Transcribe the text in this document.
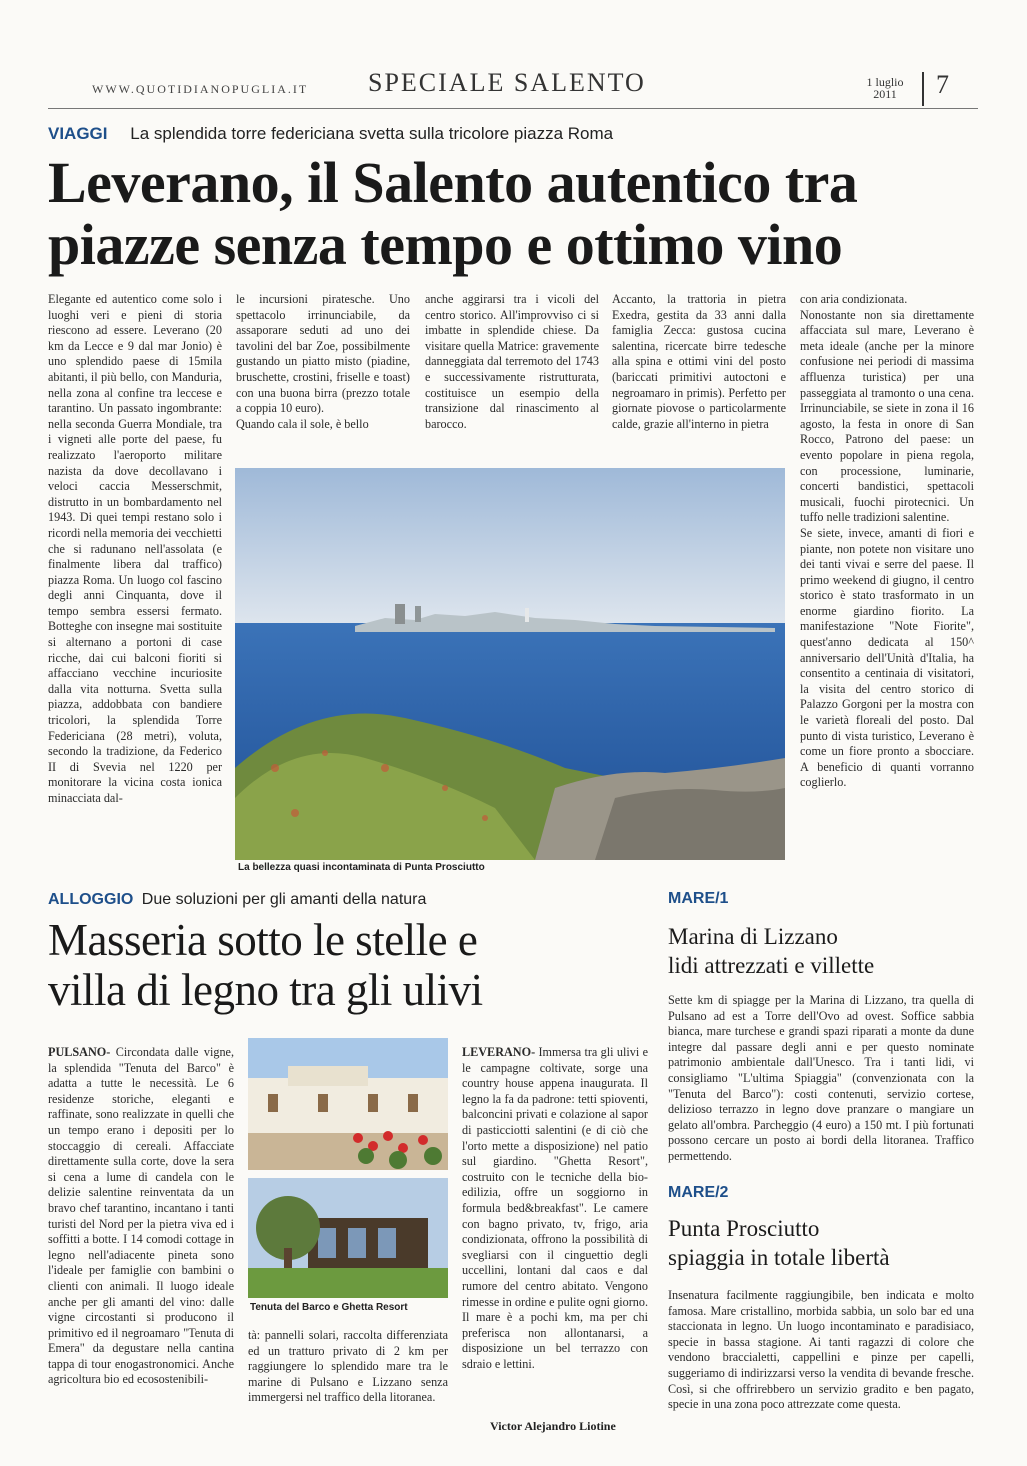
WWW.QUOTIDIANOPUGLIA.IT SPECIALE SALENTO	1 luglio
2011	7
VIAGGI La splendida torre federiciana svetta sulla tricolore piazza Roma
Leverano, il Salento autentico tra
piazze senza tempo e ottimo vino
Elegante ed autentico come solo i luoghi veri e pieni di storia riescono ad essere. Leverano (20 km da Lecce e 9 dal mar Jonio) è uno splendido paese di 15mila abitanti, il più bello, con Manduria, nella zona al confine tra leccese e tarantino. Un passato ingombrante: nella seconda Guerra Mondiale, tra i vigneti alle porte del paese, fu realizzato l'aeroporto militare nazista da dove decollavano i veloci caccia Messerschmit, distrutto in un bombardamento nel 1943. Di quei tempi restano solo i ricordi nella memoria dei vecchietti che si radunano nell'assolata (e finalmente libera dal traffico) piazza Roma. Un luogo col fascino degli anni Cinquanta, dove il tempo sembra essersi fermato. Botteghe con insegne mai sostituite si alternano a portoni di case ricche, dai cui balconi fioriti si affacciano vecchine incuriosite dalla vita notturna. Svetta sulla piazza, addobbata con bandiere tricolori, la splendida Torre Federiciana (28 metri), voluta, secondo la tradizione, da Federico II di Svevia nel 1220 per monitorare la vicina costa ionica minacciata dal-
le incursioni piratesche. Uno spettacolo irrinunciabile, da assaporare seduti ad uno dei tavolini del bar Zoe, possibilmente gustando un piatto misto (piadine, bruschette, crostini, friselle e toast) con una buona birra (prezzo totale a coppia 10 euro).
Quando cala il sole, è bello
anche aggirarsi tra i vicoli del centro storico. All'improvviso ci si imbatte in splendide chiese. Da visitare quella Matrice: gravemente danneggiata dal terremoto del 1743 e successivamente ristrutturata, costituisce un esempio della transizione dal rinascimento al barocco.
Accanto, la trattoria in pietra Exedra, gestita da 33 anni dalla famiglia Zecca: gustosa cucina salentina, ricercate birre tedesche alla spina e ottimi vini del posto (bariccati primitivi autoctoni e negroamaro in primis). Perfetto per giornate piovose o particolarmente calde, grazie all'interno in pietra
con aria condizionata.
Nonostante non sia direttamente affacciata sul mare, Leverano è meta ideale (anche per la minore confusione nei periodi di massima affluenza turistica) per una passeggiata al tramonto o una cena. Irrinunciabile, se siete in zona il 16 agosto, la festa in onore di San Rocco, Patrono del paese: un evento popolare in piena regola, con processione, luminarie, concerti bandistici, spettacoli musicali, fuochi pirotecnici. Un tuffo nelle tradizioni salentine.
Se siete, invece, amanti di fiori e piante, non potete non visitare uno dei tanti vivai e serre del paese. Il primo weekend di giugno, il centro storico è stato trasformato in un enorme giardino fiorito. La manifestazione "Note Fiorite", quest'anno dedicata al 150^ anniversario dell'Unità d'Italia, ha consentito a centinaia di visitatori, la visita del centro storico di Palazzo Gorgoni per la mostra con le varietà floreali del posto. Dal punto di vista turistico, Leverano è come un fiore pronto a sbocciare. A beneficio di quanti vorranno coglierlo.
La bellezza quasi incontaminata di Punta Prosciutto
ALLOGGIO Due soluzioni per gli amanti della natura
Masseria sotto le stelle e
villa di legno tra gli ulivi
PULSANO- Circondata dalle vigne, la splendida "Tenuta del Barco" è adatta a tutte le necessità. Le 6 residenze storiche, eleganti e raffinate, sono realizzate in quelli che un tempo erano i depositi per lo stoccaggio di cereali. Affacciate direttamente sulla corte, dove la sera si cena a lume di candela con le delizie salentine reinventata da un bravo chef tarantino, incantano i tanti turisti del Nord per la pietra viva ed i soffitti a botte. I 14 comodi cottage in legno nell'adiacente pineta sono l'ideale per famiglie con bambini o clienti con animali. Il luogo ideale anche per gli amanti del vino: dalle vigne circostanti si producono il primitivo ed il negroamaro "Tenuta di Emera" da degustare nella cantina tappa di tour enogastronomici. Anche agricoltura bio ed ecosostenibili-
Tenuta del Barco e Ghetta Resort
tà: pannelli solari, raccolta differenziata ed un tratturo privato di 2 km per raggiungere lo splendido mare tra le marine di Pulsano e Lizzano senza immergersi nel traffico della litoranea.
LEVERANO- Immersa tra gli ulivi e le campagne coltivate, sorge una country house appena inaugurata. Il legno la fa da padrone: tetti spioventi, balconcini privati e colazione al sapor di pasticciotti salentini (e di ciò che l'orto mette a disposizione) nel patio sul giardino. "Ghetta Resort", costruito con le tecniche della bio-edilizia, offre un soggiorno in formula bed&breakfast". Le camere con bagno privato, tv, frigo, aria condizionata, offrono la possibilità di svegliarsi con il cinguettio degli uccellini, lontani dal caos e dal rumore del centro abitato. Vengono rimesse in ordine e pulite ogni giorno. Il mare è a pochi km, ma per chi preferisca non allontanarsi, a disposizione un bel terrazzo con sdraio e lettini.
Victor Alejandro Liotine
MARE/1
Marina di Lizzano
lidi attrezzati e villette
Sette km di spiagge per la Marina di Lizzano, tra quella di Pulsano ad est a Torre dell'Ovo ad ovest. Soffice sabbia bianca, mare turchese e grandi spazi riparati a monte da dune integre dal passare degli anni e per questo nominate patrimonio ambientale dall'Unesco. Tra i tanti lidi, vi consigliamo "L'ultima Spiaggia" (convenzionata con la "Tenuta del Barco"): costi contenuti, servizio cortese, delizioso terrazzo in legno dove pranzare o mangiare un gelato all'ombra. Parcheggio (4 euro) a 150 mt. I più fortunati possono cercare un posto ai bordi della litoranea. Traffico permettendo.
MARE/2
Punta Prosciutto
spiaggia in totale libertà
Insenatura facilmente raggiungibile, ben indicata e molto famosa. Mare cristallino, morbida sabbia, un solo bar ed una staccionata in legno. Un luogo incontaminato e paradisiaco, specie in bassa stagione. Ai tanti ragazzi di colore che vendono braccialetti, cappellini e pinze per capelli, suggeriamo di indirizzarsi verso la vendita di bevande fresche. Così, si che offrirebbero un servizio gradito e ben pagato, specie in una zona poco attrezzate come questa.
